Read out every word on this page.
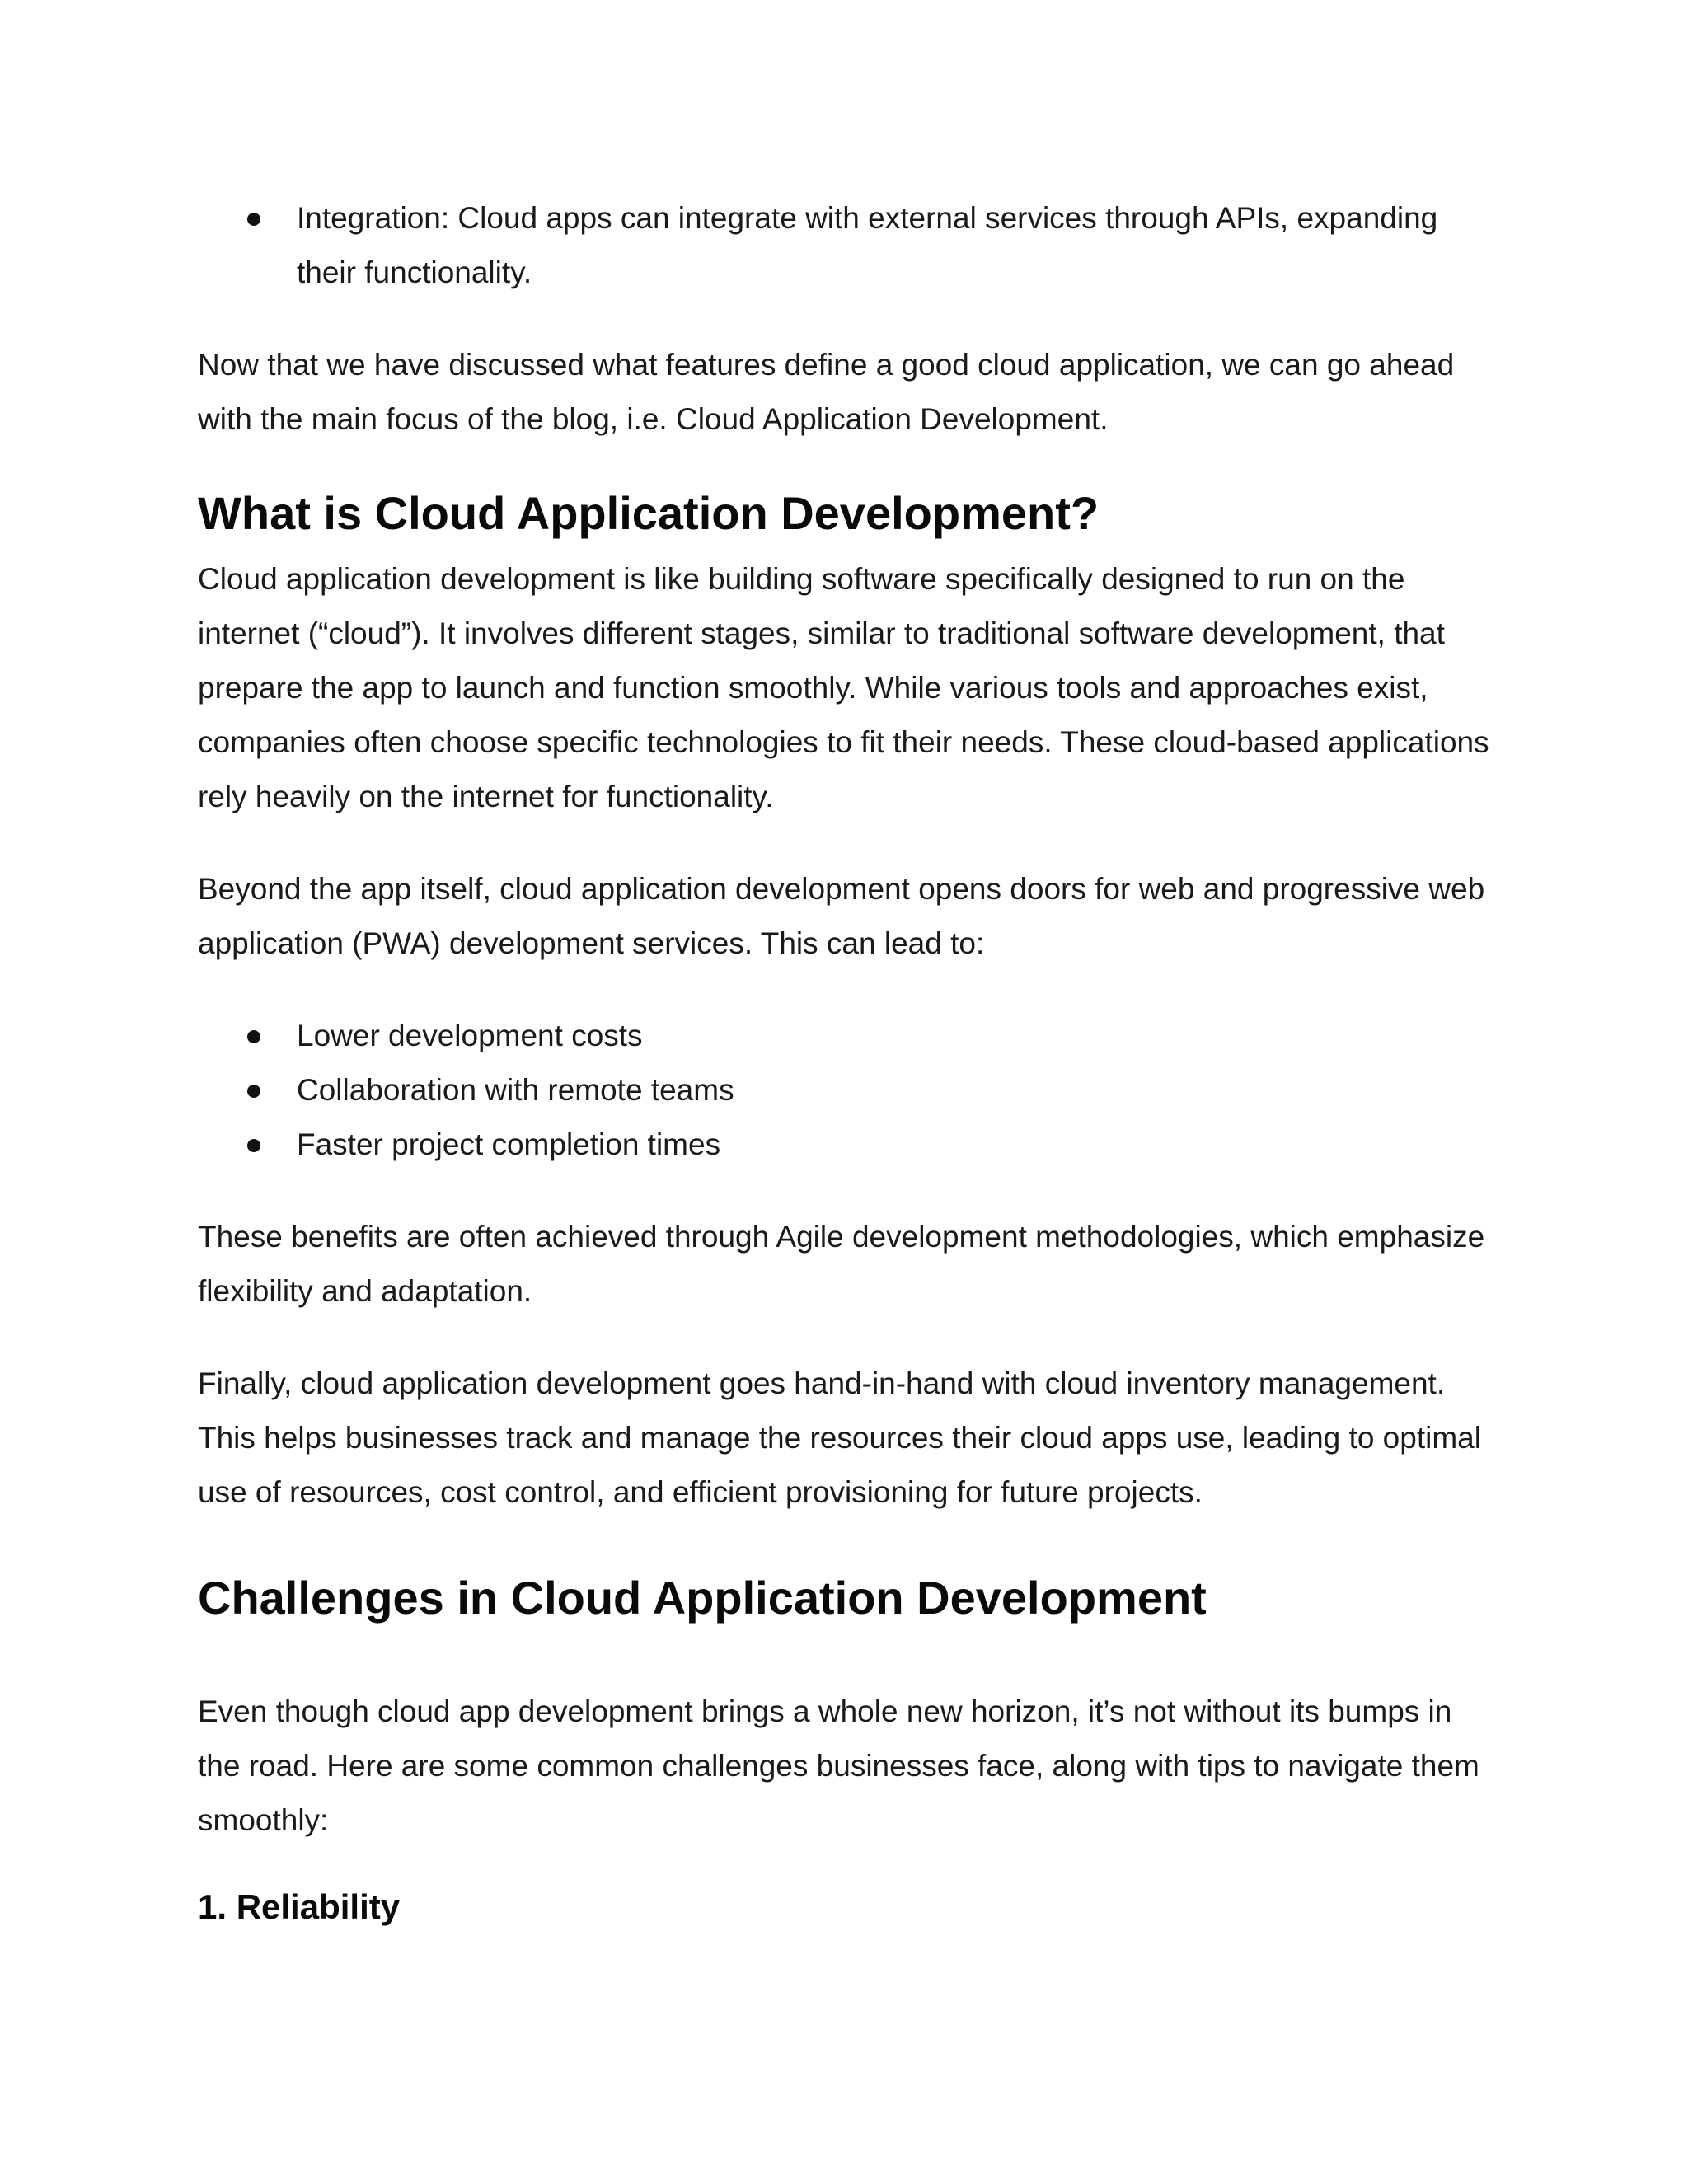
Integration: Cloud apps can integrate with external services through APIs, expanding their functionality.

Now that we have discussed what features define a good cloud application, we can go ahead with the main focus of the blog, i.e. Cloud Application Development.

What is Cloud Application Development?

Cloud application development is like building software specifically designed to run on the internet (“cloud”). It involves different stages, similar to traditional software development, that prepare the app to launch and function smoothly. While various tools and approaches exist, companies often choose specific technologies to fit their needs. These cloud-based applications rely heavily on the internet for functionality.

Beyond the app itself, cloud application development opens doors for web and progressive web application (PWA) development services. This can lead to:

Lower development costs
Collaboration with remote teams
Faster project completion times

These benefits are often achieved through Agile development methodologies, which emphasize flexibility and adaptation.

Finally, cloud application development goes hand-in-hand with cloud inventory management. This helps businesses track and manage the resources their cloud apps use, leading to optimal use of resources, cost control, and efficient provisioning for future projects.

Challenges in Cloud Application Development

Even though cloud app development brings a whole new horizon, it’s not without its bumps in the road. Here are some common challenges businesses face, along with tips to navigate them smoothly:

1. Reliability
